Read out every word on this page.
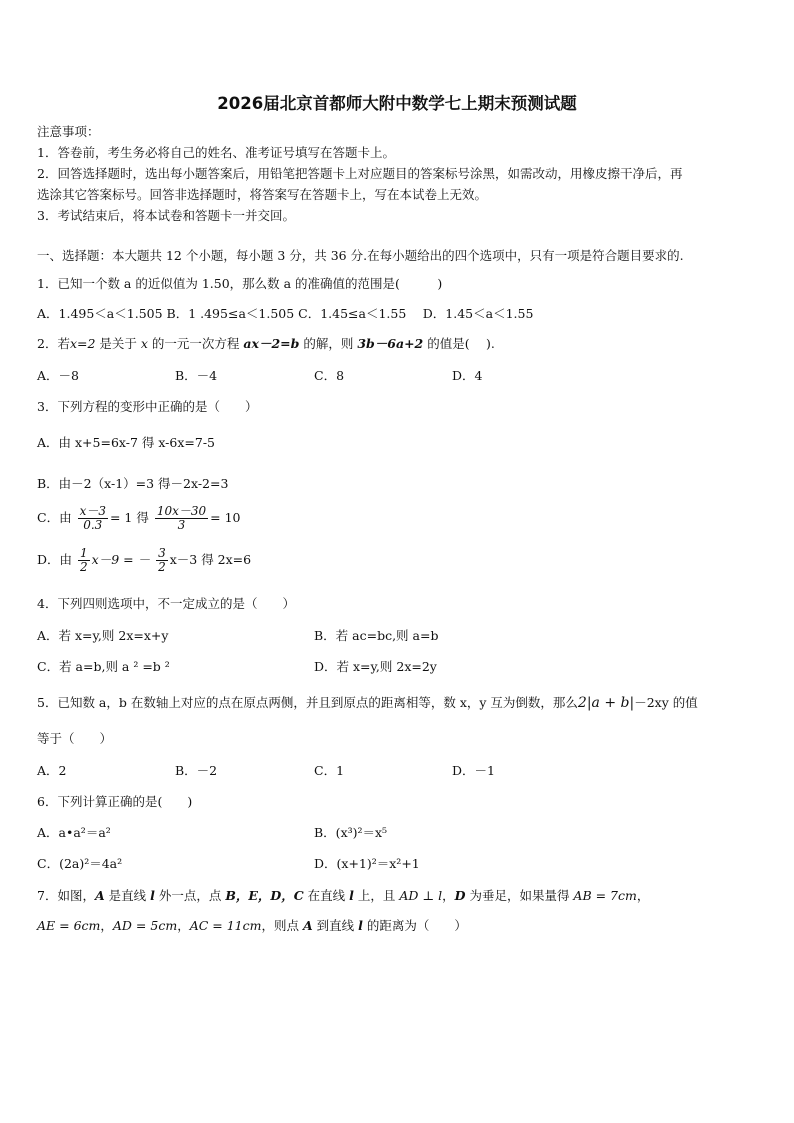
2026届北京首都师大附中数学七上期末预测试题
注意事项：
1．答卷前，考生务必将自己的姓名、准考证号填写在答题卡上。
2．回答选择题时，选出每小题答案后，用铅笔把答题卡上对应题目的答案标号涂黑，如需改动，用橡皮擦干净后，再
选涂其它答案标号。回答非选择题时，将答案写在答题卡上，写在本试卷上无效。
3．考试结束后，将本试卷和答题卡一并交回。
一、选择题：本大题共 12 个小题，每小题 3 分，共 36 分.在每小题给出的四个选项中，只有一项是符合题目要求的.
1．已知一个数 a 的近似值为 1.50，那么数 a 的准确值的范围是(　　　)
A．1.495＜a＜1.505 B．1 .495≤a＜1.505 C．1.45≤a＜1.55　 D．1.45＜a＜1.55
2．若x=2 是关于 x 的一元一次方程 ax－2=b 的解，则 3b－6a+2 的值是(　 ).
A．－8	B．－4	C．8	D．4
3．下列方程的变形中正确的是（　　）
A．由 x+5=6x-7 得 x-6x=7-5
B．由－2（x-1）=3 得－2x-2=3
C．由 $\frac{x-3}{0.3} = 1$ 得 $\frac{10x-30}{3} = 10$
D．由 $\frac{1}{2} x-9$ = － $\frac{3}{2} x-3$ 得 2x=6
4．下列四则选项中，不一定成立的是（　　）
A．若 x=y,则 2x=x+y	B．若 ac=bc,则 a=b
C．若 a=b,则 a ² =b ²	D．若 x=y,则 2x=2y
5．已知数 a，b 在数轴上对应的点在原点两侧，并且到原点的距离相等，数 x，y 互为倒数，那么2|a + b|－2xy 的值
等于（　　）
A．2	B．－2	C．1	D．－1
6．下列计算正确的是(　　)
A．a•a²＝a²	B．(x³)²＝x⁵
C．(2a)²＝4a²	D．(x+1)²＝x²+1
7．如图，A 是直线 l 外一点，点 B，E，D，C 在直线 l 上，且 AD ⊥ l，D 为垂足，如果量得 AB = 7cm，
AE = 6cm，AD = 5cm，AC = 11cm，则点 A 到直线 l 的距离为（　　）
